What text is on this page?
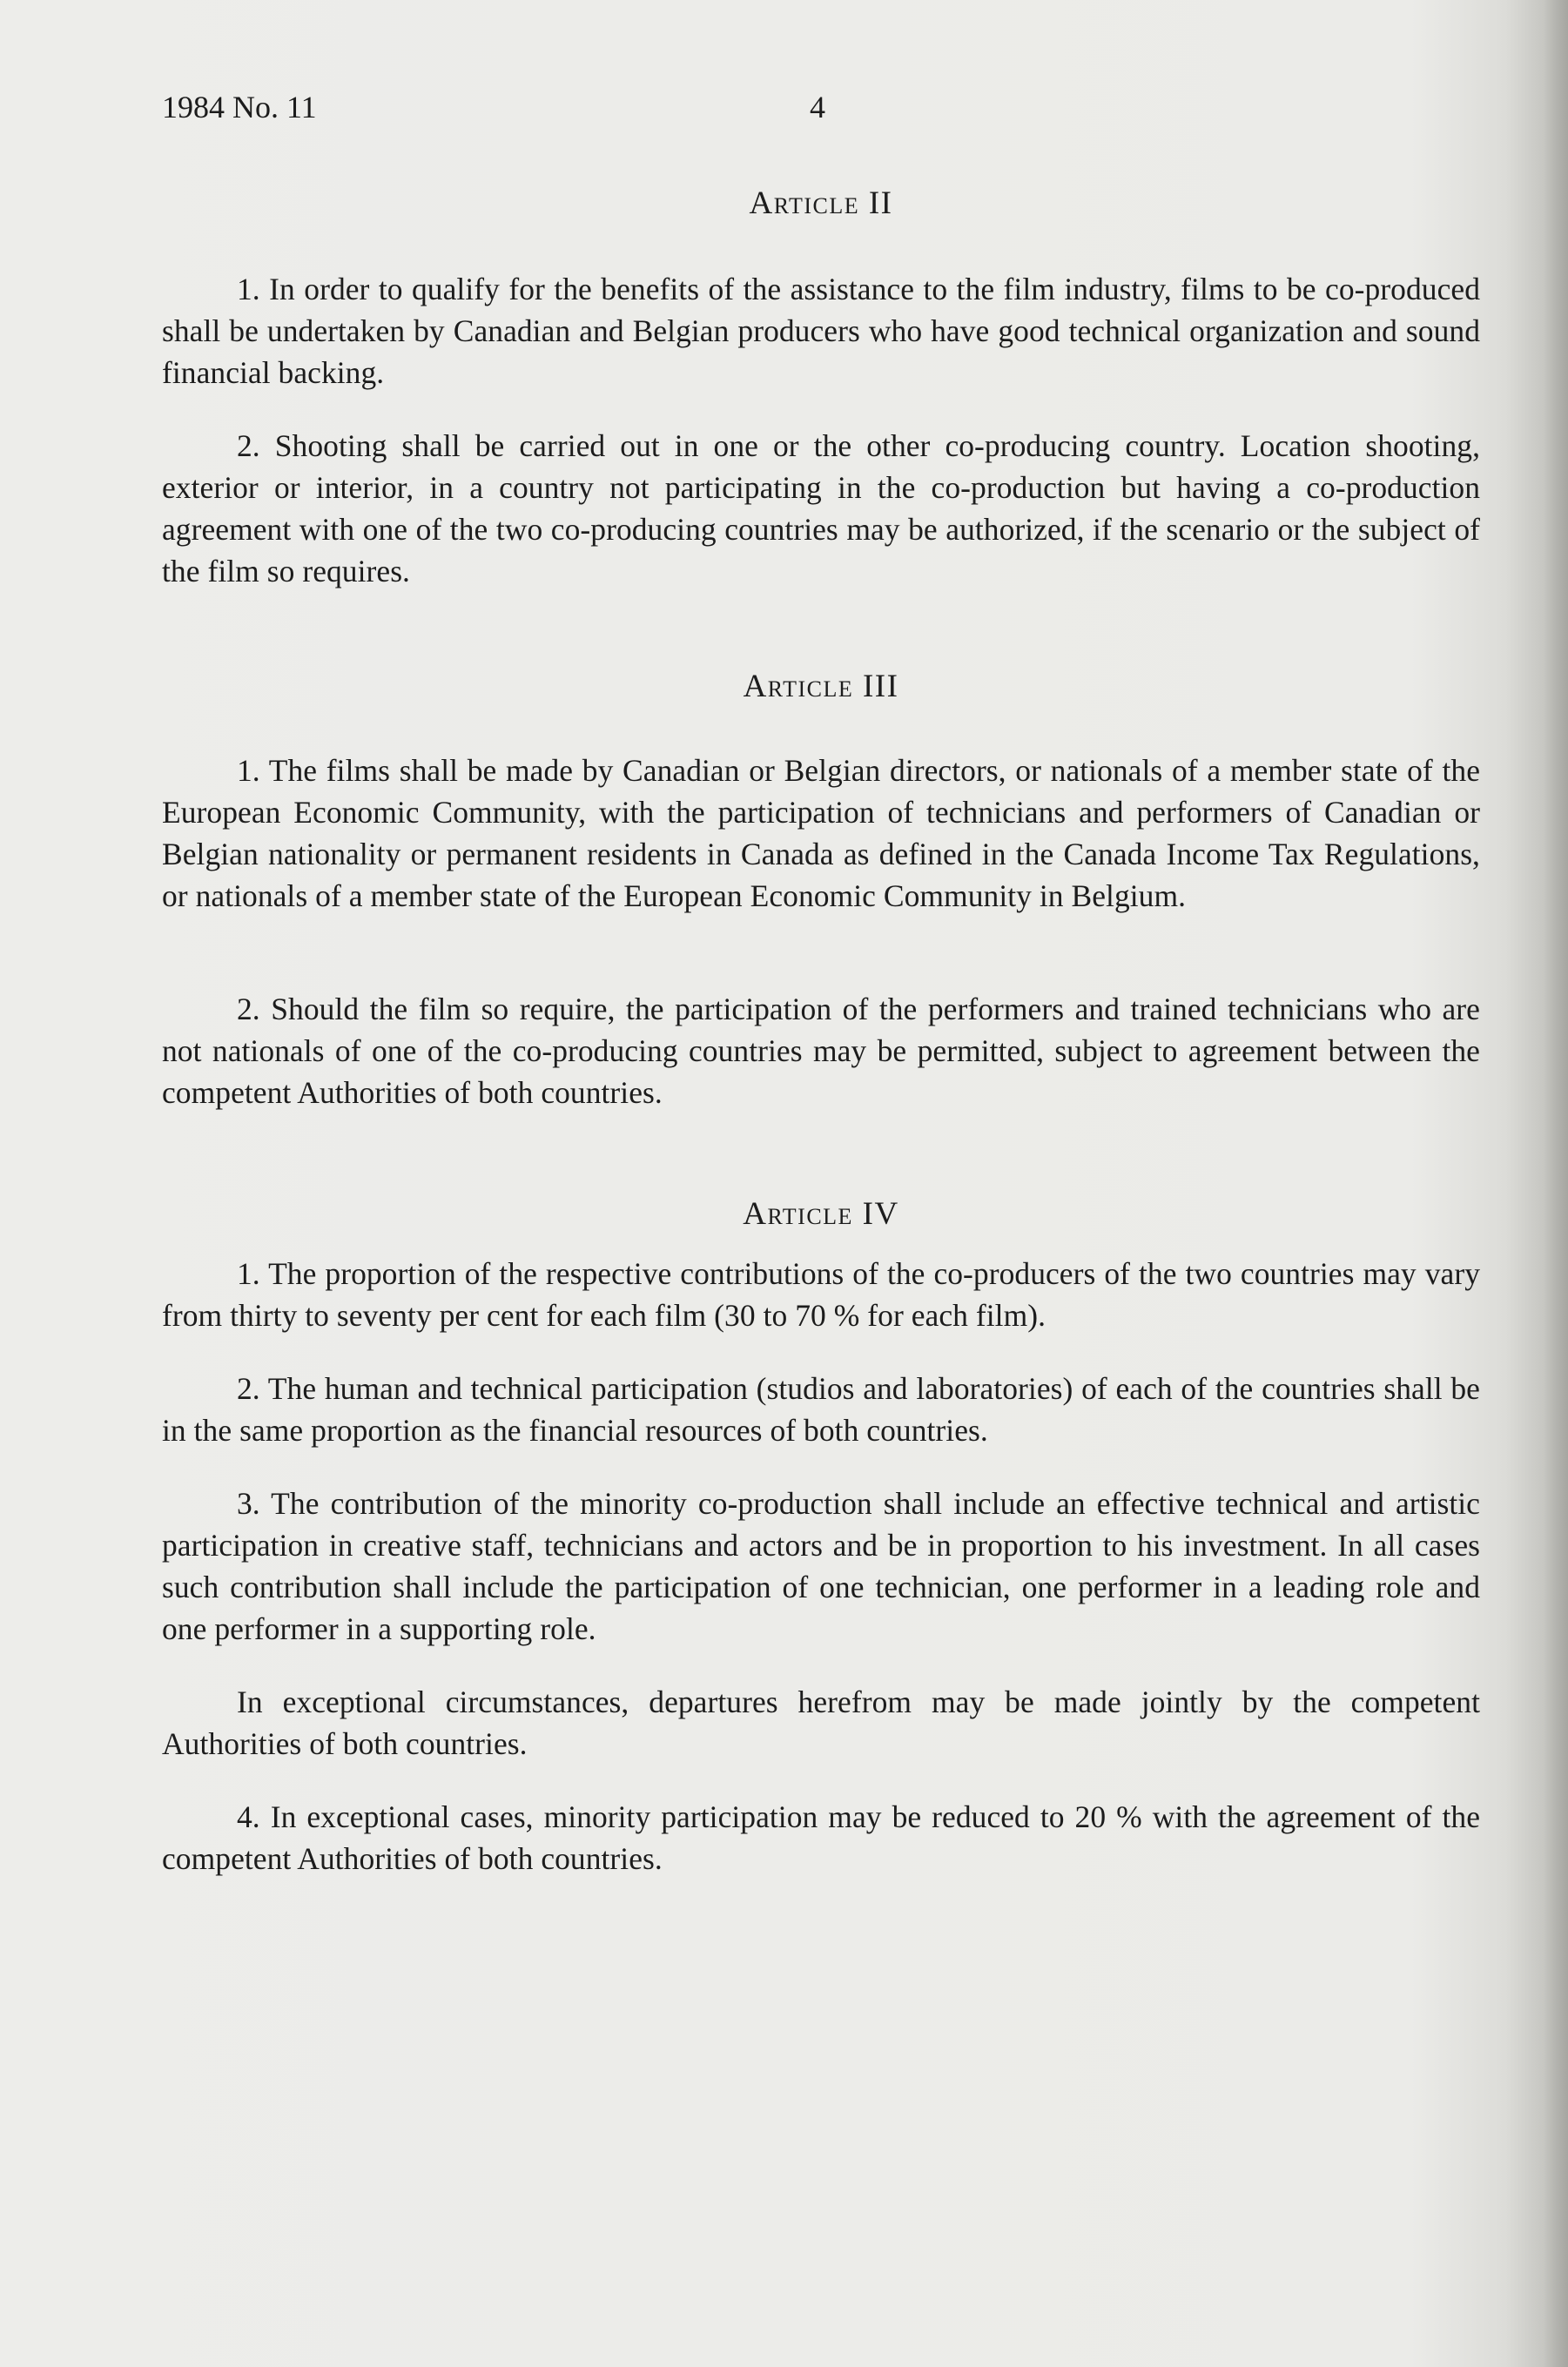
1984 No. 11	4

Article II

1. In order to qualify for the benefits of the assistance to the film industry, films to be co-produced shall be undertaken by Canadian and Belgian producers who have good technical organization and sound financial backing.

2. Shooting shall be carried out in one or the other co-producing country. Location shooting, exterior or interior, in a country not participating in the co-production but having a co-production agreement with one of the two co-producing countries may be authorized, if the scenario or the subject of the film so requires.

Article III

1. The films shall be made by Canadian or Belgian directors, or nationals of a member state of the European Economic Community, with the participation of technicians and performers of Canadian or Belgian nationality or permanent residents in Canada as defined in the Canada Income Tax Regulations, or nationals of a member state of the European Economic Community in Belgium.

2. Should the film so require, the participation of the performers and trained technicians who are not nationals of one of the co-producing countries may be permitted, subject to agreement between the competent Authorities of both countries.

Article IV

1. The proportion of the respective contributions of the co-producers of the two countries may vary from thirty to seventy per cent for each film (30 to 70 % for each film).

2. The human and technical participation (studios and laboratories) of each of the countries shall be in the same proportion as the financial resources of both countries.

3. The contribution of the minority co-production shall include an effective technical and artistic participation in creative staff, technicians and actors and be in proportion to his investment. In all cases such contribution shall include the participation of one technician, one performer in a leading role and one performer in a supporting role.

In exceptional circumstances, departures herefrom may be made jointly by the competent Authorities of both countries.

4. In exceptional cases, minority participation may be reduced to 20 % with the agreement of the competent Authorities of both countries.
